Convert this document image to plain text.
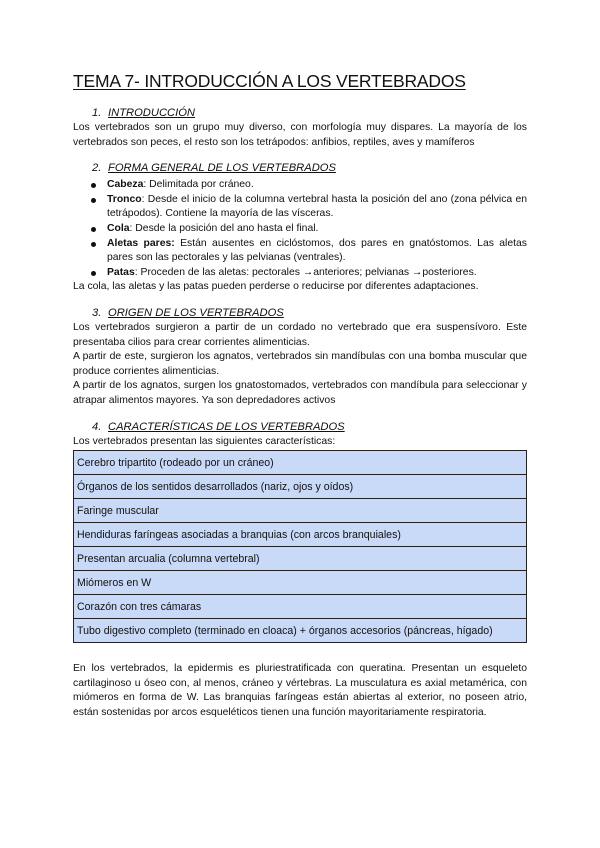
TEMA 7- INTRODUCCIÓN A LOS VERTEBRADOS
1. INTRODUCCIÓN

Los vertebrados son un grupo muy diverso, con morfología muy dispares. La mayoría de los vertebrados son peces, el resto son los tetrápodos: anfibios, reptiles, aves y mamíferos

2. FORMA GENERAL DE LOS VERTEBRADOS
Cabeza: Delimitada por cráneo.
Tronco: Desde el inicio de la columna vertebral hasta la posición del ano (zona pélvica en tetrápodos). Contiene la mayoría de las vísceras.
Cola: Desde la posición del ano hasta el final.
Aletas pares: Están ausentes en ciclóstomos, dos pares en gnatóstomos. Las aletas pares son las pectorales y las pelvianas (ventrales).
Patas: Proceden de las aletas: pectorales →anteriores; pelvianas →posteriores.

La cola, las aletas y las patas pueden perderse o reducirse por diferentes adaptaciones.

3. ORIGEN DE LOS VERTEBRADOS

Los vertebrados surgieron a partir de un cordado no vertebrado que era suspensívoro. Este presentaba cilios para crear corrientes alimenticias.

A partir de este, surgieron los agnatos, vertebrados sin mandíbulas con una bomba muscular que produce corrientes alimenticias.

A partir de los agnatos, surgen los gnatostomados, vertebrados con mandíbula para seleccionar y atrapar alimentos mayores. Ya son depredadores activos

4. CARACTERÍSTICAS DE LOS VERTEBRADOS

Los vertebrados presentan las siguientes características:

Cerebro tripartito (rodeado por un cráneo)
Órganos de los sentidos desarrollados (nariz, ojos y oídos)
Faringe muscular
Hendiduras faríngeas asociadas a branquias (con arcos branquiales)
Presentan arcualia (columna vertebral)
Miómeros en W
Corazón con tres cámaras
Tubo digestivo completo (terminado en cloaca) + órganos accesorios (páncreas, hígado)

En los vertebrados, la epidermis es pluriestratificada con queratina. Presentan un esqueleto cartilaginoso u óseo con, al menos, cráneo y vértebras. La musculatura es axial metamérica, con miómeros en forma de W. Las branquias faríngeas están abiertas al exterior, no poseen atrio, están sostenidas por arcos esqueléticos tienen una función mayoritariamente respiratoria.
